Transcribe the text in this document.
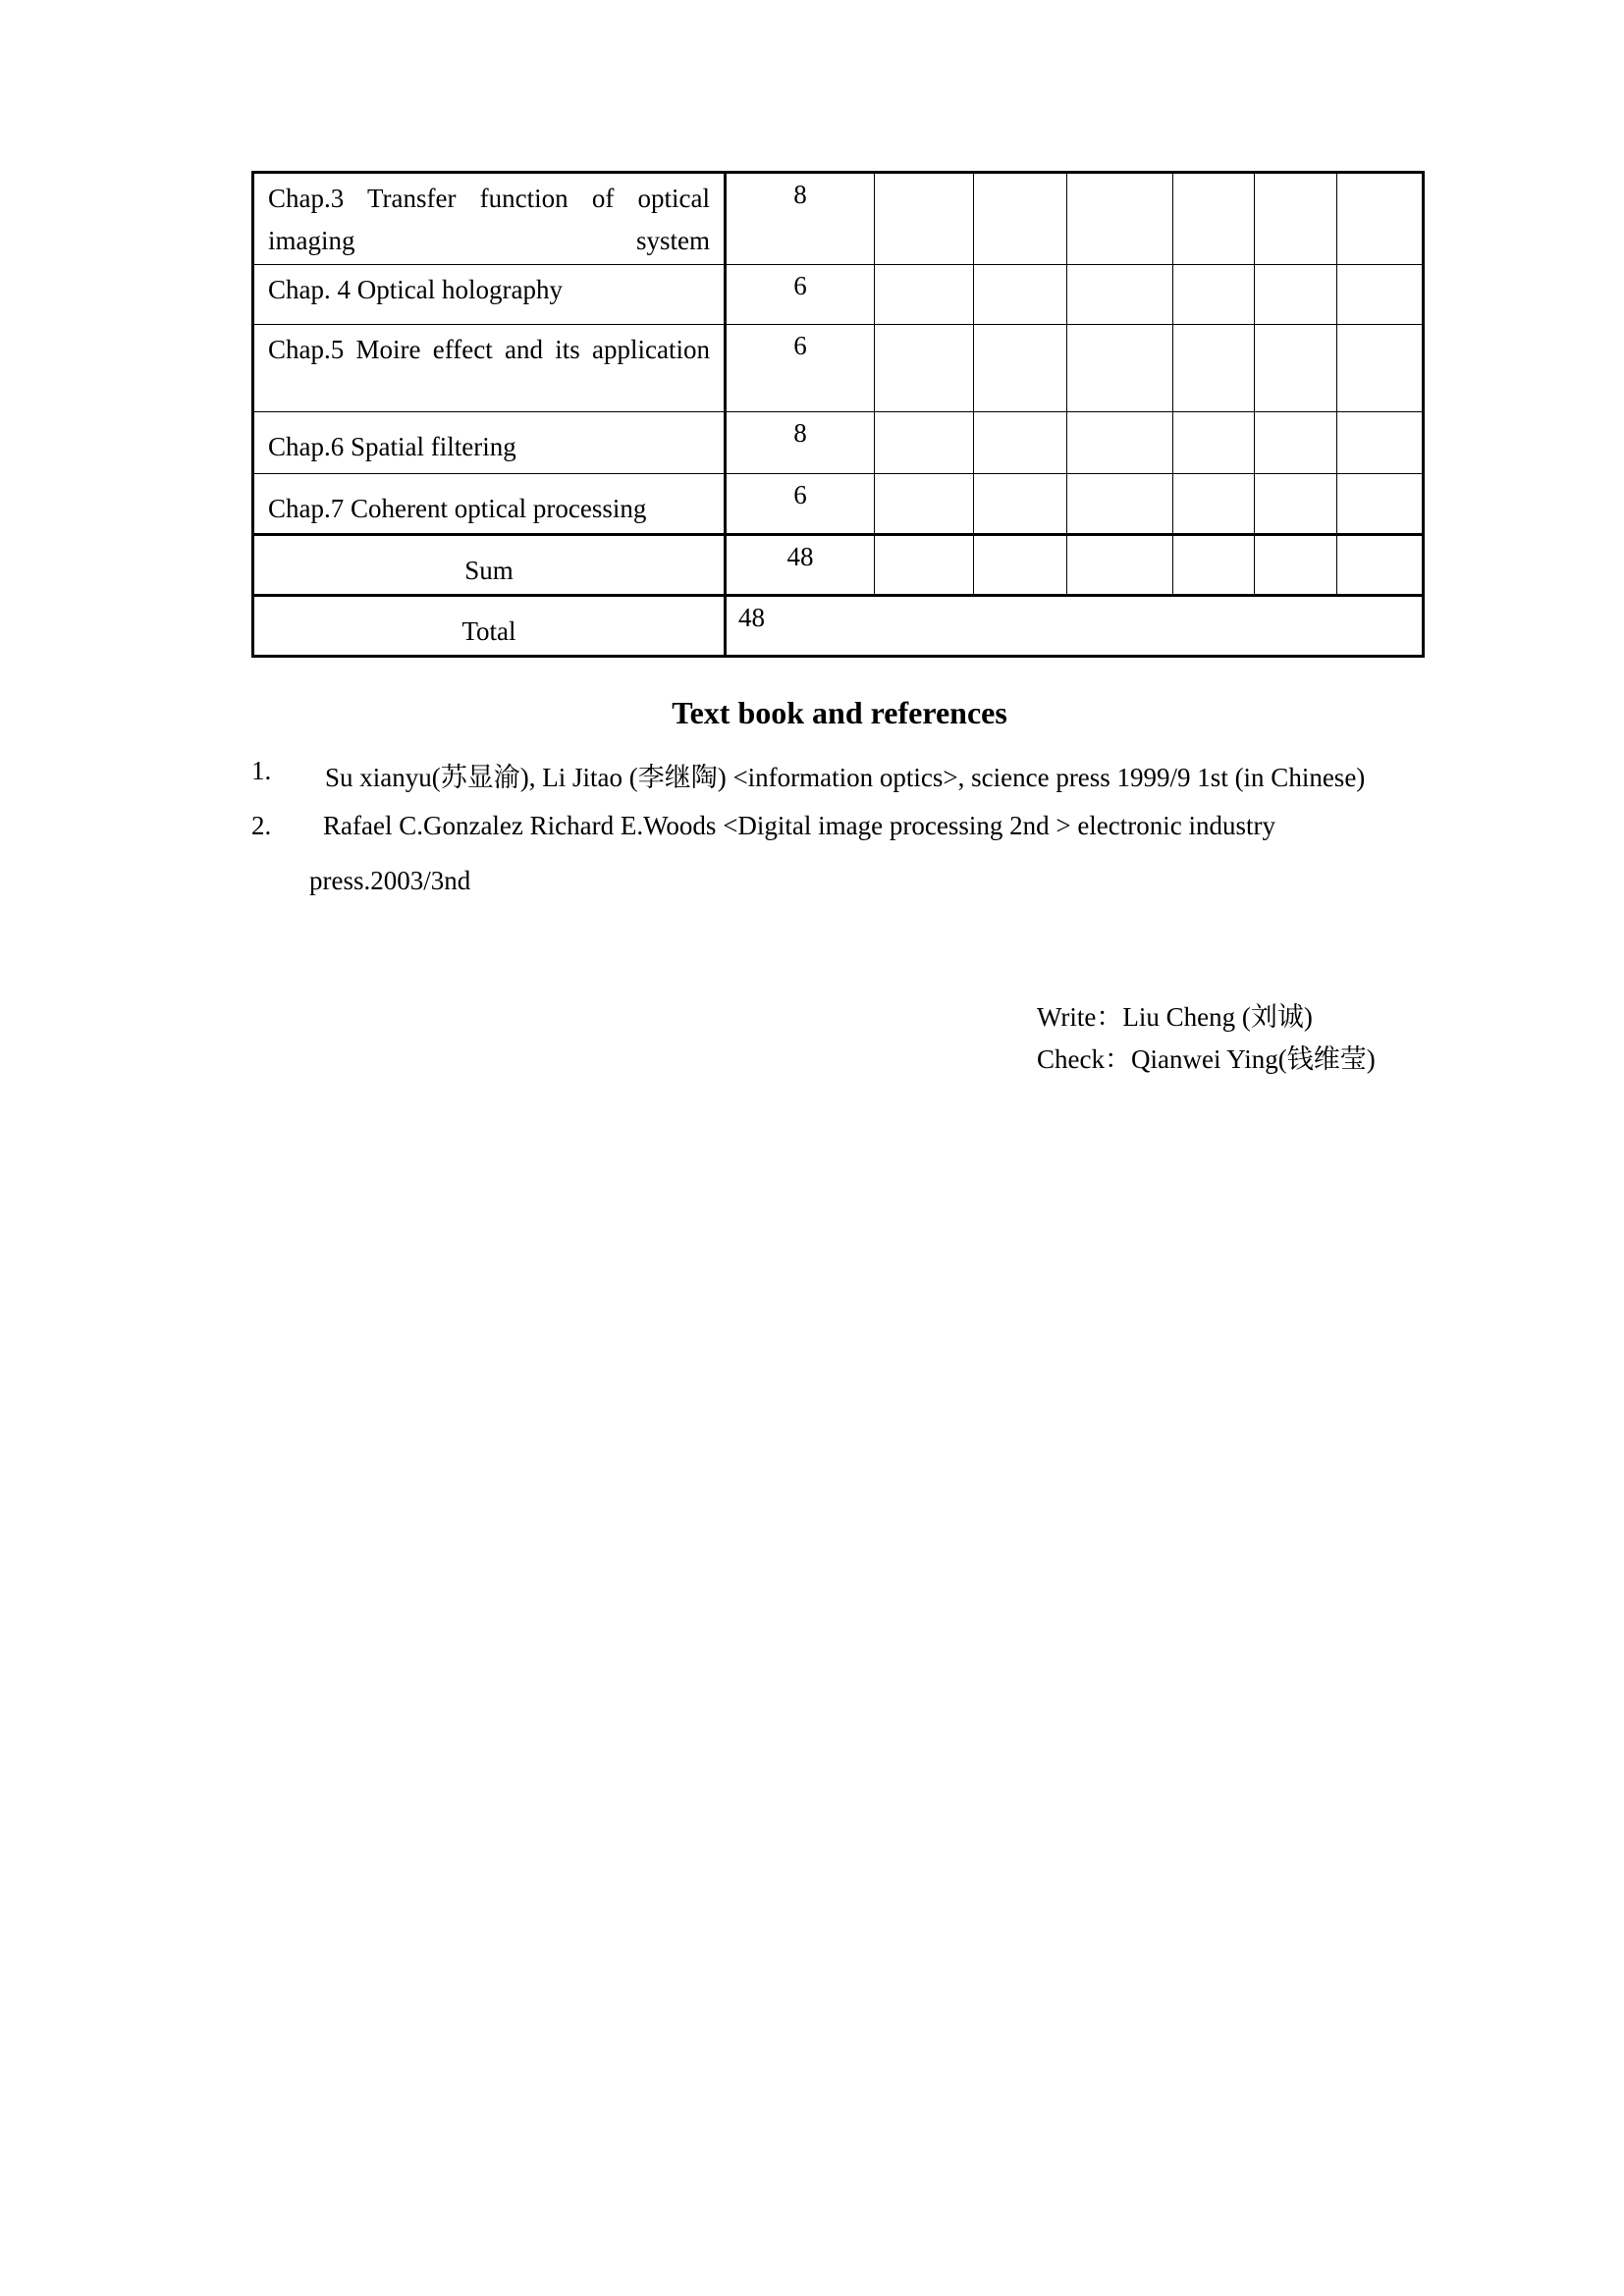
Chap.3 Transfer function of optical imaging system	8						
Chap. 4 Optical holography	6						
Chap.5 Moire effect and its application	6						
Chap.6 Spatial filtering	8						
Chap.7 Coherent optical processing	6						
Sum	48						
Total	48						
Text book and references
1. Su xianyu(苏显渝), Li Jitao (李继陶) <information optics>, science press 1999/9 1st (in Chinese)
2. Rafael C.Gonzalez Richard E.Woods <Digital image processing 2nd > electronic industry
press.2003/3nd
Write：Liu Cheng (刘诚)
Check：Qianwei Ying(钱维莹)
